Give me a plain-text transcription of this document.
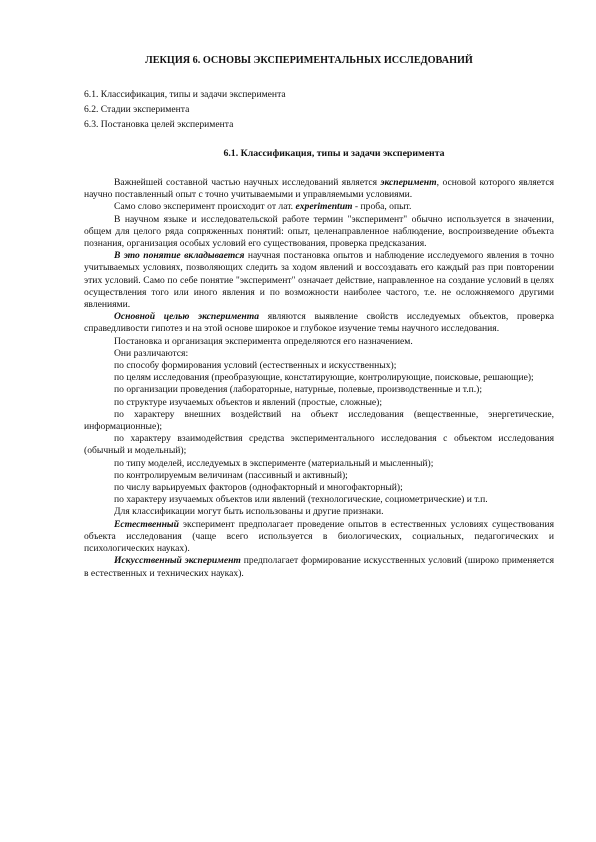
ЛЕКЦИЯ 6. ОСНОВЫ ЭКСПЕРИМЕНТАЛЬНЫХ ИССЛЕДОВАНИЙ
6.1. Классификация, типы и задачи эксперимента
6.2. Стадии эксперимента
6.3. Постановка целей эксперимента
6.1. Классификация, типы и задачи эксперимента

Важнейшей составной частью научных исследований является эксперимент, основой которого является научно поставленный опыт с точно учитываемыми и управляемыми условиями.

Само слово эксперимент происходит от лат. experimentum - проба, опыт.

В научном языке и исследовательской работе термин "эксперимент" обычно используется в значении, общем для целого ряда сопряженных понятий: опыт, целенаправленное наблюдение, воспроизведение объекта познания, организация особых условий его существования, проверка предсказания.

В это понятие вкладывается научная постановка опытов и наблюдение исследуемого явления в точно учитываемых условиях, позволяющих следить за ходом явлений и воссоздавать его каждый раз при повторении этих условий. Само по себе понятие "эксперимент" означает действие, направленное на создание условий в целях осуществления того или иного явления и по возможности наиболее частого, т.е. не осложняемого другими явлениями.

Основной целью эксперимента являются выявление свойств исследуемых объектов, проверка справедливости гипотез и на этой основе широкое и глубокое изучение темы научного исследования.

Постановка и организация эксперимента определяются его назначением.

Они различаются:

по способу формирования условий (естественных и искусственных);

по целям исследования (преобразующие, констатирующие, контролирующие, поисковые, решающие);

по организации проведения (лабораторные, натурные, полевые, производственные и т.п.);

по структуре изучаемых объектов и явлений (простые, сложные);

по характеру внешних воздействий на объект исследования (вещественные, энергетические, информационные);

по характеру взаимодействия средства экспериментального исследования с объектом исследования (обычный и модельный);

по типу моделей, исследуемых в эксперименте (материальный и мысленный);

по контролируемым величинам (пассивный и активный);

по числу варьируемых факторов (однофакторный и многофакторный);

по характеру изучаемых объектов или явлений (технологические, социометрические) и т.п.

Для классификации могут быть использованы и другие признаки.

Естественный эксперимент предполагает проведение опытов в естественных условиях существования объекта исследования (чаще всего используется в биологических, социальных, педагогических и психологических науках).

Искусственный эксперимент предполагает формирование искусственных условий (широко применяется в естественных и технических науках).
